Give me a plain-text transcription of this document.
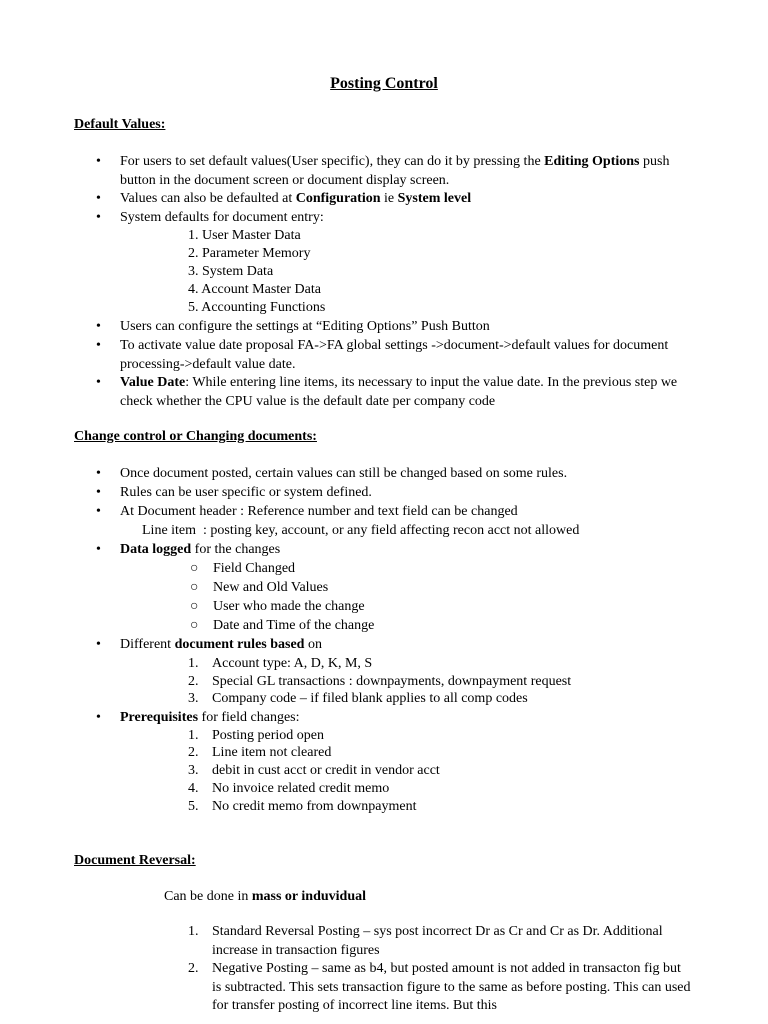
Posting Control
Default Values:
• For users to set default values(User specific), they can do it by pressing the Editing Options push button in the document screen or document display screen.
• Values can also be defaulted at Configuration ie System level
• System defaults for document entry:
1. User Master Data
2. Parameter Memory
3. System Data
4. Account Master Data
5. Accounting Functions
• Users can configure the settings at “Editing Options” Push Button
• To activate value date proposal FA->FA global settings ->document->default values for document processing->default value date.
• Value Date: While entering line items, its necessary to input the value date. In the previous step we check whether the CPU value is the default date per company code
Change control or Changing documents:
• Once document posted, certain values can still be changed based on some rules.
• Rules can be user specific or system defined.
• At Document header : Reference number and text field can be changed
Line item  : posting key, account, or any field affecting recon acct not allowed
• Data logged for the changes
○ Field Changed
○ New and Old Values
○ User who made the change
○ Date and Time of the change
• Different document rules based on
1. Account type: A, D, K, M, S
2. Special GL transactions : downpayments, downpayment request
3. Company code – if filed blank applies to all comp codes
• Prerequisites for field changes:
1. Posting period open
2. Line item not cleared
3. debit in cust acct or credit in vendor acct
4. No invoice related credit memo
5. No credit memo from downpayment
Document Reversal:
Can be done in mass or induvidual
1. Standard Reversal Posting – sys post incorrect Dr as Cr and Cr as Dr. Additional increase in transaction figures
2. Negative Posting – same as b4, but posted amount is not added in transacton fig but is subtracted. This sets transaction figure to the same as before posting. This can used for transfer posting of incorrect line items. But this
